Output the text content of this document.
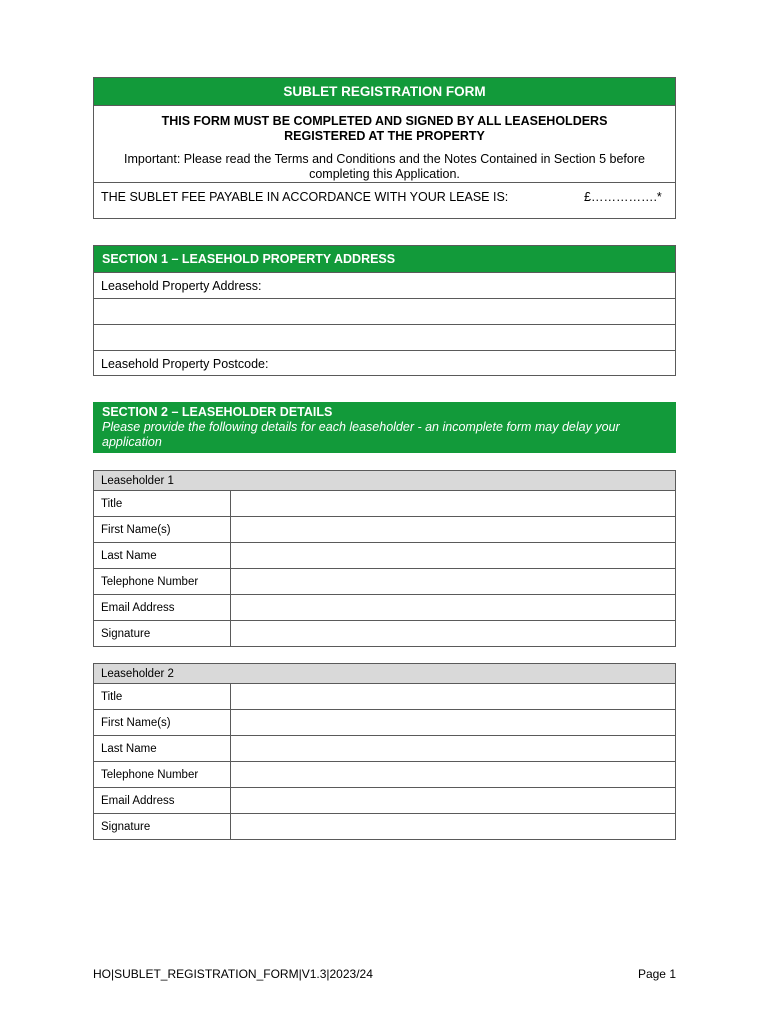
SUBLET REGISTRATION FORM
THIS FORM MUST BE COMPLETED AND SIGNED BY ALL LEASEHOLDERS REGISTERED AT THE PROPERTY
Important: Please read the Terms and Conditions and the Notes Contained in Section 5 before completing this Application.
THE SUBLET FEE PAYABLE IN ACCORDANCE WITH YOUR LEASE IS:	£…………….*
SECTION 1 – LEASEHOLD PROPERTY ADDRESS
Leasehold Property Address:
Leasehold Property Postcode:
SECTION 2 – LEASEHOLDER DETAILS
Please provide the following details for each leaseholder - an incomplete form may delay your application
Leaseholder 1
Title
First Name(s)
Last Name
Telephone Number
Email Address
Signature
Leaseholder 2
Title
First Name(s)
Last Name
Telephone Number
Email Address
Signature
HO|SUBLET_REGISTRATION_FORM|V1.3|2023/24	Page 1
